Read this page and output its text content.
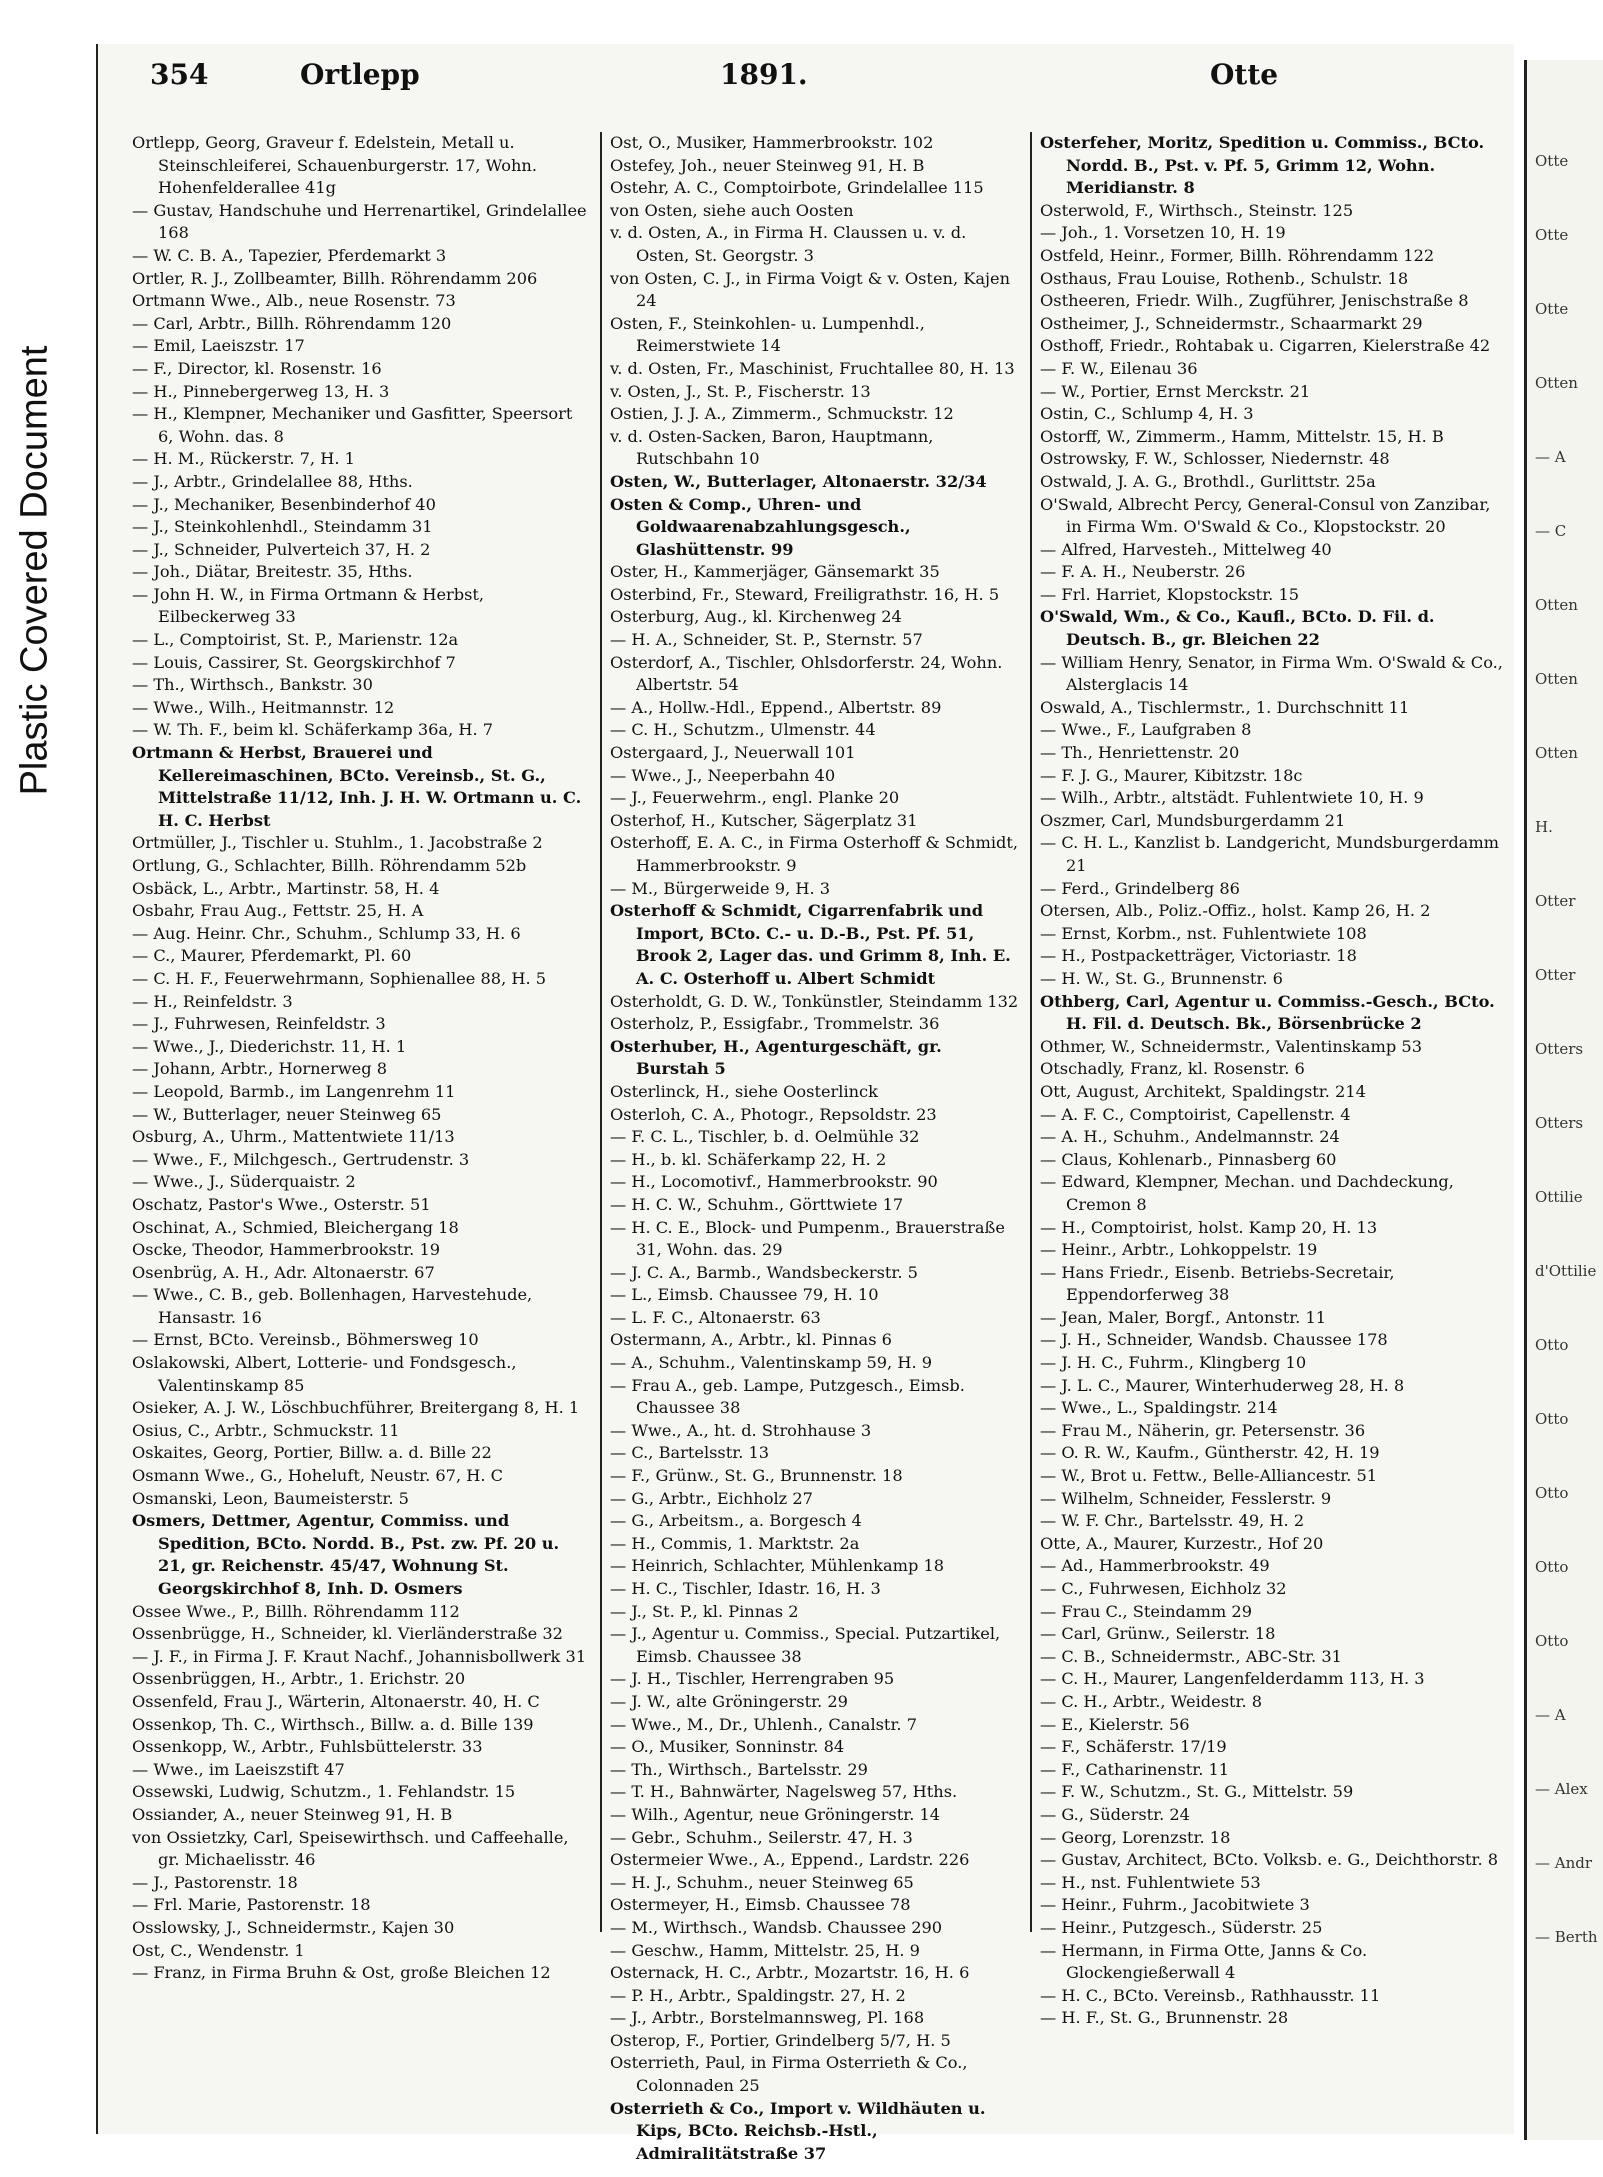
Plastic Covered Document
354	Ortlepp	1891.	Otte

Ortlepp, Georg, Graveur f. Edelstein, Metall u. Steinschleiferei, Schauenburgerstr. 17, Wohn. Hohenfelderallee 41g

— Gustav, Handschuhe und Herrenartikel, Grindelallee 168

— W. C. B. A., Tapezier, Pferdemarkt 3

Ortler, R. J., Zollbeamter, Billh. Röhrendamm 206

Ortmann Wwe., Alb., neue Rosenstr. 73

— Carl, Arbtr., Billh. Röhrendamm 120

— Emil, Laeiszstr. 17

— F., Director, kl. Rosenstr. 16

— H., Pinnebergerweg 13, H. 3

— H., Klempner, Mechaniker und Gasfitter, Speersort 6, Wohn. das. 8

— H. M., Rückerstr. 7, H. 1

— J., Arbtr., Grindelallee 88, Hths.

— J., Mechaniker, Besenbinderhof 40

— J., Steinkohlenhdl., Steindamm 31

— J., Schneider, Pulverteich 37, H. 2

— Joh., Diätar, Breitestr. 35, Hths.

— John H. W., in Firma Ortmann & Herbst, Eilbeckerweg 33

— L., Comptoirist, St. P., Marienstr. 12a

— Louis, Cassirer, St. Georgskirchhof 7

— Th., Wirthsch., Bankstr. 30

— Wwe., Wilh., Heitmannstr. 12

— W. Th. F., beim kl. Schäferkamp 36a, H. 7

Ortmann & Herbst, Brauerei und Kellereimaschinen, BCto. Vereinsb., St. G., Mittelstraße 11/12, Inh. J. H. W. Ortmann u. C. H. C. Herbst

Ortmüller, J., Tischler u. Stuhlm., 1. Jacobstraße 2

Ortlung, G., Schlachter, Billh. Röhrendamm 52b

Osbäck, L., Arbtr., Martinstr. 58, H. 4

Osbahr, Frau Aug., Fettstr. 25, H. A

— Aug. Heinr. Chr., Schuhm., Schlump 33, H. 6

— C., Maurer, Pferdemarkt, Pl. 60

— C. H. F., Feuerwehrmann, Sophienallee 88, H. 5

— H., Reinfeldstr. 3

— J., Fuhrwesen, Reinfeldstr. 3

— Wwe., J., Diederichstr. 11, H. 1

— Johann, Arbtr., Hornerweg 8

— Leopold, Barmb., im Langenrehm 11

— W., Butterlager, neuer Steinweg 65

Osburg, A., Uhrm., Mattentwiete 11/13

— Wwe., F., Milchgesch., Gertrudenstr. 3

— Wwe., J., Süderquaistr. 2

Oschatz, Pastor's Wwe., Osterstr. 51

Oschinat, A., Schmied, Bleichergang 18

Oscke, Theodor, Hammerbrookstr. 19

Osenbrüg, A. H., Adr. Altonaerstr. 67

— Wwe., C. B., geb. Bollenhagen, Harvestehude, Hansastr. 16

— Ernst, BCto. Vereinsb., Böhmersweg 10

Oslakowski, Albert, Lotterie- und Fondsgesch., Valentinskamp 85

Osieker, A. J. W., Löschbuchführer, Breitergang 8, H. 1

Osius, C., Arbtr., Schmuckstr. 11

Oskaites, Georg, Portier, Billw. a. d. Bille 22

Osmann Wwe., G., Hoheluft, Neustr. 67, H. C

Osmanski, Leon, Baumeisterstr. 5

Osmers, Dettmer, Agentur, Commiss. und Spedition, BCto. Nordd. B., Pst. zw. Pf. 20 u. 21, gr. Reichenstr. 45/47, Wohnung St. Georgskirchhof 8, Inh. D. Osmers

Ossee Wwe., P., Billh. Röhrendamm 112

Ossenbrügge, H., Schneider, kl. Vierländerstraße 32

— J. F., in Firma J. F. Kraut Nachf., Johannisbollwerk 31

Ossenbrüggen, H., Arbtr., 1. Erichstr. 20

Ossenfeld, Frau J., Wärterin, Altonaerstr. 40, H. C

Ossenkop, Th. C., Wirthsch., Billw. a. d. Bille 139

Ossenkopp, W., Arbtr., Fuhlsbüttelerstr. 33

— Wwe., im Laeiszstift 47

Ossewski, Ludwig, Schutzm., 1. Fehlandstr. 15

Ossiander, A., neuer Steinweg 91, H. B

von Ossietzky, Carl, Speisewirthsch. und Caffeehalle, gr. Michaelisstr. 46

— J., Pastorenstr. 18

— Frl. Marie, Pastorenstr. 18

Osslowsky, J., Schneidermstr., Kajen 30

Ost, C., Wendenstr. 1

— Franz, in Firma Bruhn & Ost, große Bleichen 12

Ost, O., Musiker, Hammerbrookstr. 102

Ostefey, Joh., neuer Steinweg 91, H. B

Ostehr, A. C., Comptoirbote, Grindelallee 115

von Osten, siehe auch Oosten

v. d. Osten, A., in Firma H. Claussen u. v. d. Osten, St. Georgstr. 3

von Osten, C. J., in Firma Voigt & v. Osten, Kajen 24

Osten, F., Steinkohlen- u. Lumpenhdl., Reimerstwiete 14

v. d. Osten, Fr., Maschinist, Fruchtallee 80, H. 13

v. Osten, J., St. P., Fischerstr. 13

Ostien, J. J. A., Zimmerm., Schmuckstr. 12

v. d. Osten-Sacken, Baron, Hauptmann, Rutschbahn 10

Osten, W., Butterlager, Altonaerstr. 32/34

Osten & Comp., Uhren- und Goldwaarenabzahlungsgesch., Glashüttenstr. 99

Oster, H., Kammerjäger, Gänsemarkt 35

Osterbind, Fr., Steward, Freiligrathstr. 16, H. 5

Osterburg, Aug., kl. Kirchenweg 24

— H. A., Schneider, St. P., Sternstr. 57

Osterdorf, A., Tischler, Ohlsdorferstr. 24, Wohn. Albertstr. 54

— A., Hollw.-Hdl., Eppend., Albertstr. 89

— C. H., Schutzm., Ulmenstr. 44

Ostergaard, J., Neuerwall 101

— Wwe., J., Neeperbahn 40

— J., Feuerwehrm., engl. Planke 20

Osterhof, H., Kutscher, Sägerplatz 31

Osterhoff, E. A. C., in Firma Osterhoff & Schmidt, Hammerbrookstr. 9

— M., Bürgerweide 9, H. 3

Osterhoff & Schmidt, Cigarrenfabrik und Import, BCto. C.- u. D.-B., Pst. Pf. 51, Brook 2, Lager das. und Grimm 8, Inh. E. A. C. Osterhoff u. Albert Schmidt

Osterholdt, G. D. W., Tonkünstler, Steindamm 132

Osterholz, P., Essigfabr., Trommelstr. 36

Osterhuber, H., Agenturgeschäft, gr. Burstah 5

Osterlinck, H., siehe Oosterlinck

Osterloh, C. A., Photogr., Repsoldstr. 23

— F. C. L., Tischler, b. d. Oelmühle 32

— H., b. kl. Schäferkamp 22, H. 2

— H., Locomotivf., Hammerbrookstr. 90

— H. C. W., Schuhm., Görttwiete 17

— H. C. E., Block- und Pumpenm., Brauerstraße 31, Wohn. das. 29

— J. C. A., Barmb., Wandsbeckerstr. 5

— L., Eimsb. Chaussee 79, H. 10

— L. F. C., Altonaerstr. 63

Ostermann, A., Arbtr., kl. Pinnas 6

— A., Schuhm., Valentinskamp 59, H. 9

— Frau A., geb. Lampe, Putzgesch., Eimsb. Chaussee 38

— Wwe., A., ht. d. Strohhause 3

— C., Bartelsstr. 13

— F., Grünw., St. G., Brunnenstr. 18

— G., Arbtr., Eichholz 27

— G., Arbeitsm., a. Borgesch 4

— H., Commis, 1. Marktstr. 2a

— Heinrich, Schlachter, Mühlenkamp 18

— H. C., Tischler, Idastr. 16, H. 3

— J., St. P., kl. Pinnas 2

— J., Agentur u. Commiss., Special. Putzartikel, Eimsb. Chaussee 38

— J. H., Tischler, Herrengraben 95

— J. W., alte Gröningerstr. 29

— Wwe., M., Dr., Uhlenh., Canalstr. 7

— O., Musiker, Sonninstr. 84

— Th., Wirthsch., Bartelsstr. 29

— T. H., Bahnwärter, Nagelsweg 57, Hths.

— Wilh., Agentur, neue Gröningerstr. 14

— Gebr., Schuhm., Seilerstr. 47, H. 3

Ostermeier Wwe., A., Eppend., Lardstr. 226

— H. J., Schuhm., neuer Steinweg 65

Ostermeyer, H., Eimsb. Chaussee 78

— M., Wirthsch., Wandsb. Chaussee 290

— Geschw., Hamm, Mittelstr. 25, H. 9

Osternack, H. C., Arbtr., Mozartstr. 16, H. 6

— P. H., Arbtr., Spaldingstr. 27, H. 2

— J., Arbtr., Borstelmannsweg, Pl. 168

Osterop, F., Portier, Grindelberg 5/7, H. 5

Osterrieth, Paul, in Firma Osterrieth & Co., Colonnaden 25

Osterrieth & Co., Import v. Wildhäuten u. Kips, BCto. Reichsb.-Hstl., Admiralitätstraße 37

Osterfeher, Moritz, Spedition u. Commiss., BCto. Nordd. B., Pst. v. Pf. 5, Grimm 12, Wohn. Meridianstr. 8

Osterwold, F., Wirthsch., Steinstr. 125

— Joh., 1. Vorsetzen 10, H. 19

Ostfeld, Heinr., Former, Billh. Röhrendamm 122

Osthaus, Frau Louise, Rothenb., Schulstr. 18

Ostheeren, Friedr. Wilh., Zugführer, Jenischstraße 8

Ostheimer, J., Schneidermstr., Schaarmarkt 29

Osthoff, Friedr., Rohtabak u. Cigarren, Kielerstraße 42

— F. W., Eilenau 36

— W., Portier, Ernst Merckstr. 21

Ostin, C., Schlump 4, H. 3

Ostorff, W., Zimmerm., Hamm, Mittelstr. 15, H. B

Ostrowsky, F. W., Schlosser, Niedernstr. 48

Ostwald, J. A. G., Brothdl., Gurlittstr. 25a

O'Swald, Albrecht Percy, General-Consul von Zanzibar, in Firma Wm. O'Swald & Co., Klopstockstr. 20

— Alfred, Harvesteh., Mittelweg 40

— F. A. H., Neuberstr. 26

— Frl. Harriet, Klopstockstr. 15

O'Swald, Wm., & Co., Kaufl., BCto. D. Fil. d. Deutsch. B., gr. Bleichen 22

— William Henry, Senator, in Firma Wm. O'Swald & Co., Alsterglacis 14

Oswald, A., Tischlermstr., 1. Durchschnitt 11

— Wwe., F., Laufgraben 8

— Th., Henriettenstr. 20

— F. J. G., Maurer, Kibitzstr. 18c

— Wilh., Arbtr., altstädt. Fuhlentwiete 10, H. 9

Oszmer, Carl, Mundsburgerdamm 21

— C. H. L., Kanzlist b. Landgericht, Mundsburgerdamm 21

— Ferd., Grindelberg 86

Otersen, Alb., Poliz.-Offiz., holst. Kamp 26, H. 2

— Ernst, Korbm., nst. Fuhlentwiete 108

— H., Postpacketträger, Victoriastr. 18

— H. W., St. G., Brunnenstr. 6

Othberg, Carl, Agentur u. Commiss.-Gesch., BCto. H. Fil. d. Deutsch. Bk., Börsenbrücke 2

Othmer, W., Schneidermstr., Valentinskamp 53

Otschadly, Franz, kl. Rosenstr. 6

Ott, August, Architekt, Spaldingstr. 214

— A. F. C., Comptoirist, Capellenstr. 4

— A. H., Schuhm., Andelmannstr. 24

— Claus, Kohlenarb., Pinnasberg 60

— Edward, Klempner, Mechan. und Dachdeckung, Cremon 8

— H., Comptoirist, holst. Kamp 20, H. 13

— Heinr., Arbtr., Lohkoppelstr. 19

— Hans Friedr., Eisenb. Betriebs-Secretair, Eppendorferweg 38

— Jean, Maler, Borgf., Antonstr. 11

— J. H., Schneider, Wandsb. Chaussee 178

— J. H. C., Fuhrm., Klingberg 10

— J. L. C., Maurer, Winterhuderweg 28, H. 8

— Wwe., L., Spaldingstr. 214

— Frau M., Näherin, gr. Petersenstr. 36

— O. R. W., Kaufm., Güntherstr. 42, H. 19

— W., Brot u. Fettw., Belle-Alliancestr. 51

— Wilhelm, Schneider, Fesslerstr. 9

— W. F. Chr., Bartelsstr. 49, H. 2

Otte, A., Maurer, Kurzestr., Hof 20

— Ad., Hammerbrookstr. 49

— C., Fuhrwesen, Eichholz 32

— Frau C., Steindamm 29

— Carl, Grünw., Seilerstr. 18

— C. B., Schneidermstr., ABC-Str. 31

— C. H., Maurer, Langenfelderdamm 113, H. 3

— C. H., Arbtr., Weidestr. 8

— E., Kielerstr. 56

— F., Schäferstr. 17/19

— F., Catharinenstr. 11

— F. W., Schutzm., St. G., Mittelstr. 59

— G., Süderstr. 24

— Georg, Lorenzstr. 18

— Gustav, Architect, BCto. Volksb. e. G., Deichthorstr. 8

— H., nst. Fuhlentwiete 53

— Heinr., Fuhrm., Jacobitwiete 3

— Heinr., Putzgesch., Süderstr. 25

— Hermann, in Firma Otte, Janns & Co. Glockengießerwall 4

— H. C., BCto. Vereinsb., Rathhausstr. 11

— H. F., St. G., Brunnenstr. 28

Otte
Otte
Otte
Otten
— A
— C
Otten
Otten
Otten
H.
Otter
Otter
Otters
Otters
Ottilie
d'Ottilie
Otto
Otto
Otto
Otto
Otto
— A
— Alex
— Andr
— Berth
